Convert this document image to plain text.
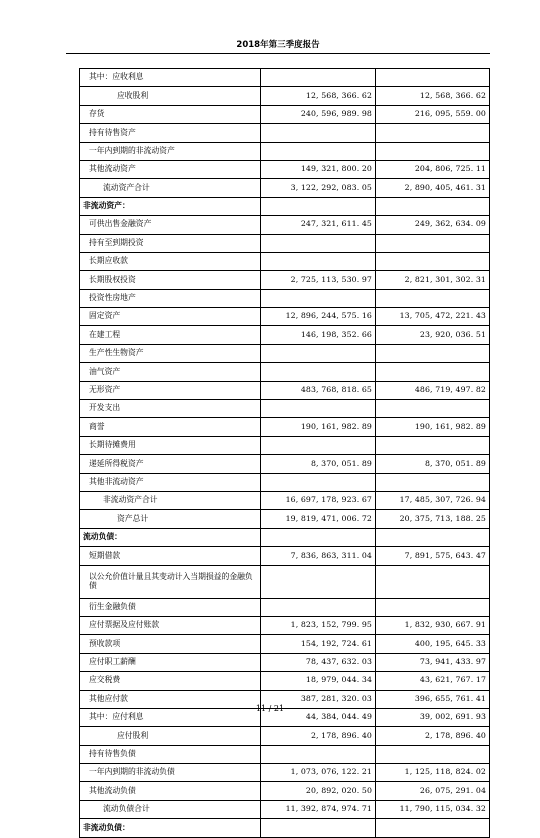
2018年第三季度报告
其中：应收利息		
应收股利	12, 568, 366. 62	12, 568, 366. 62
存货	240, 596, 989. 98	216, 095, 559. 00
持有待售资产		
一年内到期的非流动资产		
其他流动资产	149, 321, 800. 20	204, 806, 725. 11
流动资产合计	3, 122, 292, 083. 05	2, 890, 405, 461. 31
非流动资产：		
可供出售金融资产	247, 321, 611. 45	249, 362, 634. 09
持有至到期投资		
长期应收款		
长期股权投资	2, 725, 113, 530. 97	2, 821, 301, 302. 31
投资性房地产		
固定资产	12, 896, 244, 575. 16	13, 705, 472, 221. 43
在建工程	146, 198, 352. 66	23, 920, 036. 51
生产性生物资产		
油气资产		
无形资产	483, 768, 818. 65	486, 719, 497. 82
开发支出		
商誉	190, 161, 982. 89	190, 161, 982. 89
长期待摊费用		
递延所得税资产	8, 370, 051. 89	8, 370, 051. 89
其他非流动资产		
非流动资产合计	16, 697, 178, 923. 67	17, 485, 307, 726. 94
资产总计	19, 819, 471, 006. 72	20, 375, 713, 188. 25
流动负债：		
短期借款	7, 836, 863, 311. 04	7, 891, 575, 643. 47
以公允价值计量且其变动计入当期损益的金融负债		
衍生金融负债		
应付票据及应付账款	1, 823, 152, 799. 95	1, 832, 930, 667. 91
预收款项	154, 192, 724. 61	400, 195, 645. 33
应付职工薪酬	78, 437, 632. 03	73, 941, 433. 97
应交税费	18, 979, 044. 34	43, 621, 767. 17
其他应付款	387, 281, 320. 03	396, 655, 761. 41
其中：应付利息	44, 384, 044. 49	39, 002, 691. 93
应付股利	2, 178, 896. 40	2, 178, 896. 40
持有待售负债		
一年内到期的非流动负债	1, 073, 076, 122. 21	1, 125, 118, 824. 02
其他流动负债	20, 892, 020. 50	26, 075, 291. 04
流动负债合计	11, 392, 874, 974. 71	11, 790, 115, 034. 32
非流动负债：		
11 / 21
